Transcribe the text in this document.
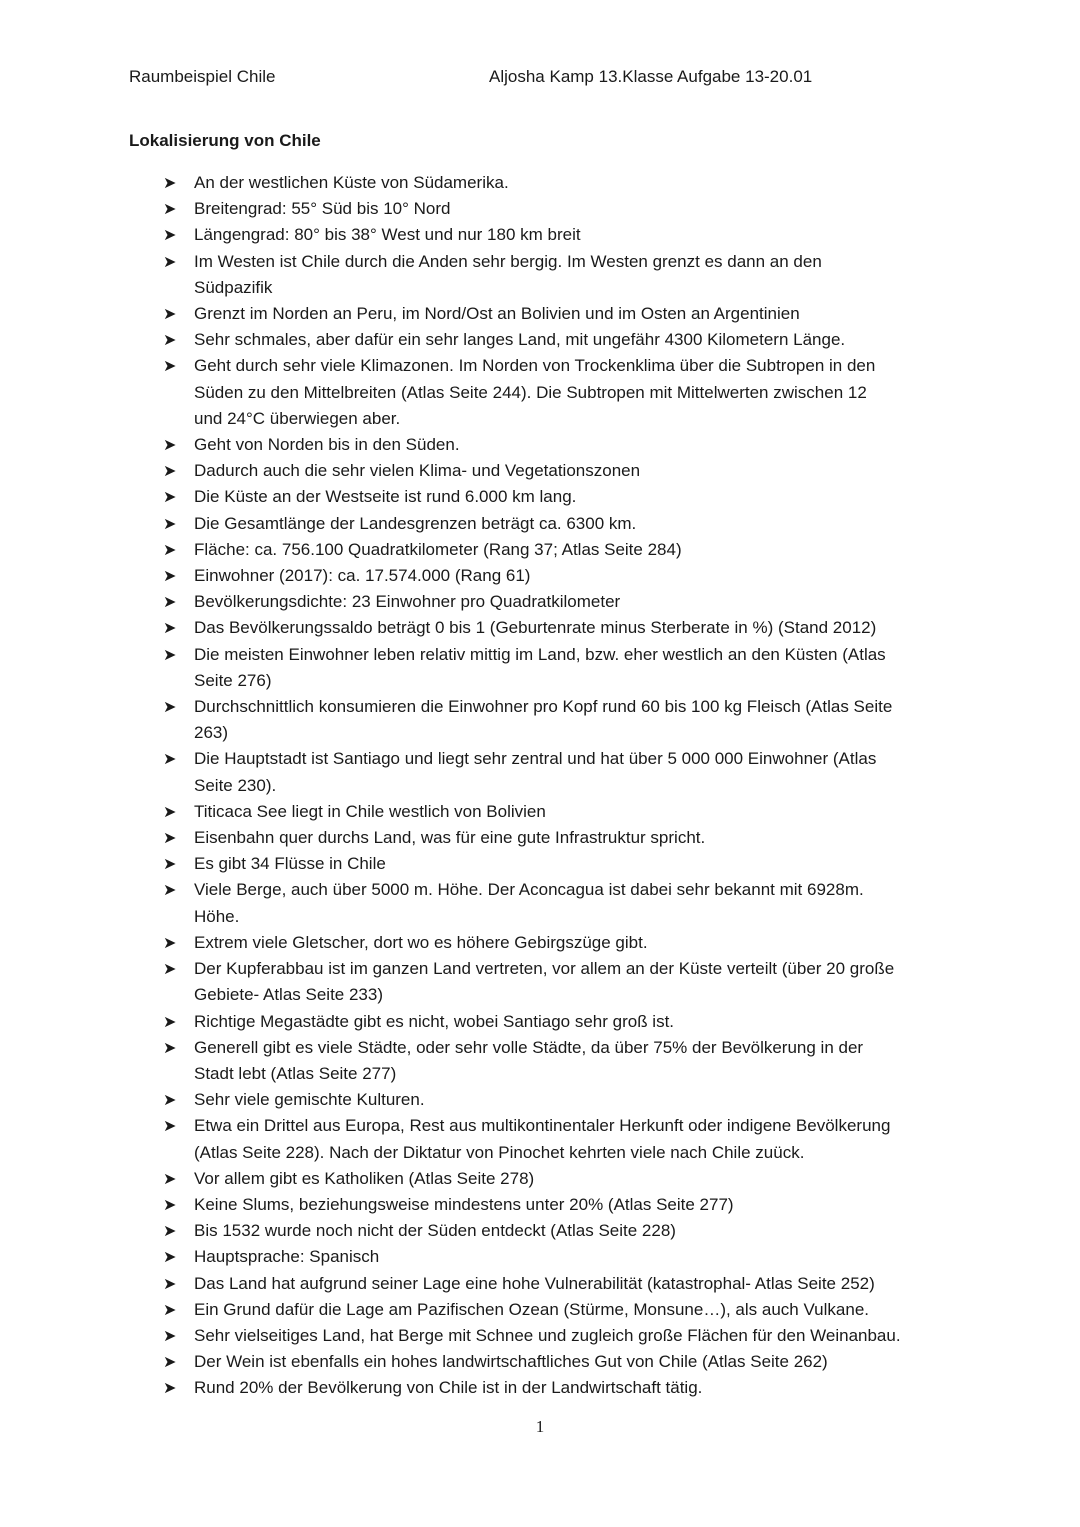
Raumbeispiel Chile	Aljosha Kamp 13.Klasse Aufgabe 13-20.01
Lokalisierung von Chile
➤ An der westlichen Küste von Südamerika.
➤ Breitengrad: 55° Süd bis 10° Nord
➤ Längengrad: 80° bis 38° West und nur 180 km breit
➤ Im Westen ist Chile durch die Anden sehr bergig. Im Westen grenzt es dann an den
Südpazifik
➤ Grenzt im Norden an Peru, im Nord/Ost an Bolivien und im Osten an Argentinien
➤ Sehr schmales, aber dafür ein sehr langes Land, mit ungefähr 4300 Kilometern Länge.
➤ Geht durch sehr viele Klimazonen. Im Norden von Trockenklima über die Subtropen in den
Süden zu den Mittelbreiten (Atlas Seite 244). Die Subtropen mit Mittelwerten zwischen 12
und 24°C überwiegen aber.
➤ Geht von Norden bis in den Süden.
➤ Dadurch auch die sehr vielen Klima- und Vegetationszonen
➤ Die Küste an der Westseite ist rund 6.000 km lang.
➤ Die Gesamtlänge der Landesgrenzen beträgt ca. 6300 km.
➤ Fläche: ca. 756.100 Quadratkilometer (Rang 37; Atlas Seite 284)
➤ Einwohner (2017): ca. 17.574.000 (Rang 61)
➤ Bevölkerungsdichte: 23 Einwohner pro Quadratkilometer
➤ Das Bevölkerungssaldo beträgt 0 bis 1 (Geburtenrate minus Sterberate in %) (Stand 2012)
➤ Die meisten Einwohner leben relativ mittig im Land, bzw. eher westlich an den Küsten (Atlas
Seite 276)
➤ Durchschnittlich konsumieren die Einwohner pro Kopf rund 60 bis 100 kg Fleisch (Atlas Seite
263)
➤ Die Hauptstadt ist Santiago und liegt sehr zentral und hat über 5 000 000 Einwohner (Atlas
Seite 230).
➤ Titicaca See liegt in Chile westlich von Bolivien
➤ Eisenbahn quer durchs Land, was für eine gute Infrastruktur spricht.
➤ Es gibt 34 Flüsse in Chile
➤ Viele Berge, auch über 5000 m. Höhe. Der Aconcagua ist dabei sehr bekannt mit 6928m.
Höhe.
➤ Extrem viele Gletscher, dort wo es höhere Gebirgszüge gibt.
➤ Der Kupferabbau ist im ganzen Land vertreten, vor allem an der Küste verteilt (über 20 große
Gebiete- Atlas Seite 233)
➤ Richtige Megastädte gibt es nicht, wobei Santiago sehr groß ist.
➤ Generell gibt es viele Städte, oder sehr volle Städte, da über 75% der Bevölkerung in der
Stadt lebt (Atlas Seite 277)
➤ Sehr viele gemischte Kulturen.
➤ Etwa ein Drittel aus Europa, Rest aus multikontinentaler Herkunft oder indigene Bevölkerung
(Atlas Seite 228). Nach der Diktatur von Pinochet kehrten viele nach Chile zuück.
➤ Vor allem gibt es Katholiken (Atlas Seite 278)
➤ Keine Slums, beziehungsweise mindestens unter 20% (Atlas Seite 277)
➤ Bis 1532 wurde noch nicht der Süden entdeckt (Atlas Seite 228)
➤ Hauptsprache: Spanisch
➤ Das Land hat aufgrund seiner Lage eine hohe Vulnerabilität (katastrophal- Atlas Seite 252)
➤ Ein Grund dafür die Lage am Pazifischen Ozean (Stürme, Monsune…), als auch Vulkane.
➤ Sehr vielseitiges Land, hat Berge mit Schnee und zugleich große Flächen für den Weinanbau.
➤ Der Wein ist ebenfalls ein hohes landwirtschaftliches Gut von Chile (Atlas Seite 262)
➤ Rund 20% der Bevölkerung von Chile ist in der Landwirtschaft tätig.
1
